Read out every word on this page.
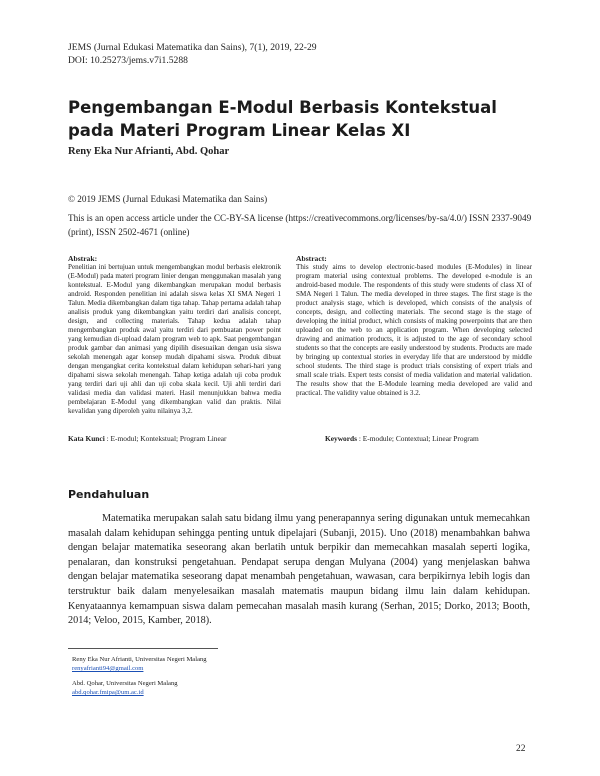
JEMS (Jurnal Edukasi Matematika dan Sains), 7(1), 2019, 22-29
DOI: 10.25273/jems.v7i1.5288
Pengembangan E-Modul Berbasis Kontekstual pada Materi Program Linear Kelas XI
Reny Eka Nur Afrianti, Abd. Qohar
© 2019 JEMS (Jurnal Edukasi Matematika dan Sains)
This is an open access article under the CC-BY-SA license (https://creativecommons.org/licenses/by-sa/4.0/) ISSN 2337-9049 (print), ISSN 2502-4671 (online)
Abstrak:
Penelitian ini bertujuan untuk mengembangkan modul berbasis elektronik (E-Modul) pada materi program linier dengan menggunakan masalah yang kontekstual. E-Modul yang dikembangkan merupakan modul berbasis android. Responden penelitian ini adalah siswa kelas XI SMA Negeri 1 Talun. Media dikembangkan dalam tiga tahap. Tahap pertama adalah tahap analisis produk yang dikembangkan yaitu terdiri dari analisis concept, design, and collecting materials. Tahap kedua adalah tahap mengembangkan produk awal yaitu terdiri dari pembuatan power point yang kemudian di-upload dalam program web to apk. Saat pengembangan produk gambar dan animasi yang dipilih disesuaikan dengan usia siswa sekolah menengah agar konsep mudah dipahami siswa. Produk dibuat dengan mengangkat cerita kontekstual dalam kehidupan sehari-hari yang dipahami siswa sekolah menengah. Tahap ketiga adalah uji coba produk yang terdiri dari uji ahli dan uji coba skala kecil. Uji ahli terdiri dari validasi media dan validasi materi. Hasil menunjukkan bahwa media pembelajaran E-Modul yang dikembangkan valid dan praktis. Nilai kevalidan yang diperoleh yaitu nilainya 3,2.
Abstract:
This study aims to develop electronic-based modules (E-Modules) in linear program material using contextual problems. The developed e-module is an android-based module. The respondents of this study were students of class XI of SMA Negeri 1 Talun. The media developed in three stages. The first stage is the product analysis stage, which is developed, which consists of the analysis of concepts, design, and collecting materials. The second stage is the stage of developing the initial product, which consists of making powerpoints that are then uploaded on the web to an application program. When developing selected drawing and animation products, it is adjusted to the age of secondary school students so that the concepts are easily understood by students. Products are made by bringing up contextual stories in everyday life that are understood by middle school students. The third stage is product trials consisting of expert trials and small scale trials. Expert tests consist of media validation and material validation. The results show that the E-Module learning media developed are valid and practical. The validity value obtained is 3.2.
Kata Kunci : E-modul; Kontekstual; Program Linear	Keywords : E-module; Contextual; Linear Program
Pendahuluan
Matematika merupakan salah satu bidang ilmu yang penerapannya sering digunakan untuk memecahkan masalah dalam kehidupan sehingga penting untuk dipelajari (Subanji, 2015). Uno (2018) menambahkan bahwa dengan belajar matematika seseorang akan berlatih untuk berpikir dan memecahkan masalah seperti logika, penalaran, dan konstruksi pengetahuan. Pendapat serupa dengan Mulyana (2004) yang menjelaskan bahwa dengan belajar matematika seseorang dapat menambah pengetahuan, wawasan, cara berpikirnya lebih logis dan terstruktur baik dalam menyelesaikan masalah matematis maupun bidang ilmu lain dalam kehidupan. Kenyataannya kemampuan siswa dalam pemecahan masalah masih kurang (Serhan, 2015; Dorko, 2013; Booth, 2014; Veloo, 2015, Kamber, 2018).
Reny Eka Nur Afrianti, Universitas Negeri Malang
renyafrianti94@gmail.com
Abd. Qohar, Universitas Negeri Malang
abd.qohar.fmipa@um.ac.id
22
